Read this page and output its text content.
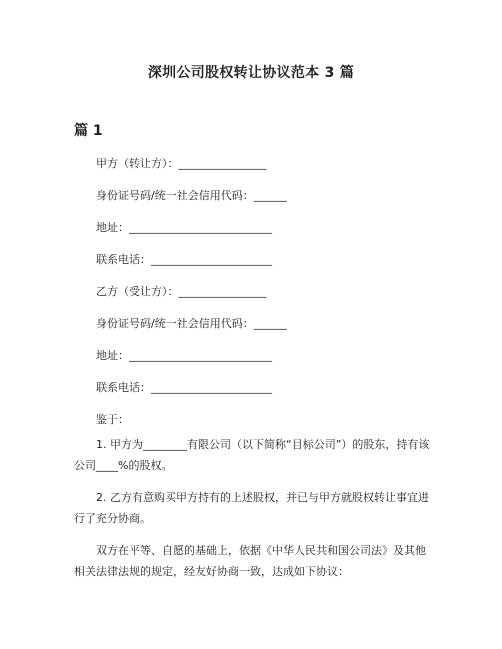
深圳公司股权转让协议范本 3 篇
篇 1
甲方（转让方）：________________
身份证号码/统一社会信用代码：______
地址：__________________________
联系电话：______________________
乙方（受让方）：________________
身份证号码/统一社会信用代码：______
地址：__________________________
联系电话：______________________
鉴于：
1. 甲方为________有限公司（以下简称“目标公司”）的股东，持有该公司____%的股权。
2. 乙方有意购买甲方持有的上述股权，并已与甲方就股权转让事宜进行了充分协商。
双方在平等、自愿的基础上，依据《中华人民共和国公司法》及其他相关法律法规的规定，经友好协商一致，达成如下协议：
